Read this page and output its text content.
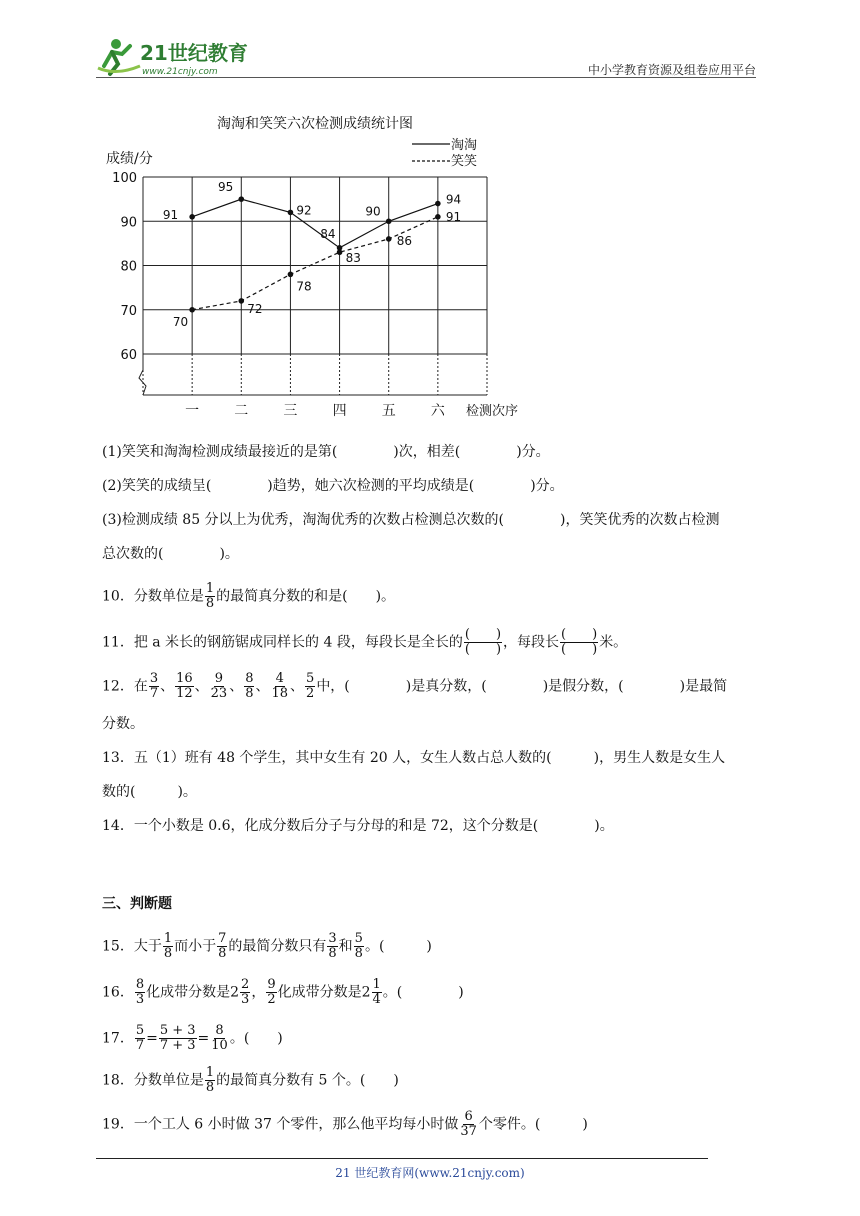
21世纪教育
www.21cnjy.com	中小学教育资源及组卷应用平台
淘淘和笑笑六次检测成绩统计图
成绩/分
检测次序
淘淘
笑笑
100
90
80
70
60
一	二	三	四	五	六
91
95
92
84
90
94
70
72
78
83
86
91
(1)笑笑和淘淘检测成绩最接近的是第(　　　　)次，相差(　　　　)分。
(2)笑笑的成绩呈(　　　　)趋势，她六次检测的平均成绩是(　　　　)分。
(3)检测成绩 85 分以上为优秀，淘淘优秀的次数占检测总次数的(　　　　)，笑笑优秀的次数占检测
总次数的(　　　　)。
10．分数单位是 $\frac{1}{8}$ 的最简真分数的和是(　　)。
11．把 a 米长的钢筋锯成同样长的 4 段，每段长是全长的 $\frac{( )}{( )}$ ，每段长 $\frac{( )}{( )}$ 米。
12．在 $\frac{3}{7}$ 、 $\frac{16}{12}$ 、 $\frac{9}{23}$ 、 $\frac{8}{8}$ 、 $\frac{4}{18}$ 、 $\frac{5}{2}$ 中，(　　　　)是真分数，(　　　　)是假分数，(　　　　)是最简
分数。
13．五（1）班有 48 个学生，其中女生有 20 人，女生人数占总人数的(　　　)，男生人数是女生人
数的(　　　)。
14．一个小数是 0.6，化成分数后分子与分母的和是 72，这个分数是(　　　　)。
三、判断题
15．大于 $\frac{1}{8}$ 而小于 $\frac{7}{8}$ 的最简分数只有 $\frac{3}{8}$ 和 $\frac{5}{8}$ 。(　　　)
16． $\frac{8}{3}$ 化成带分数是$2 \frac{2}{3}$ ， $\frac{9}{2}$ 化成带分数是$2 \frac{1}{4}$ 。(　　　　)
17． $\frac{5}{7} = \frac{5 + 3}{7 + 3} = \frac{8}{10}$ 。(　　)
18．分数单位是 $\frac{1}{8}$ 的最简真分数有 5 个。(　　)
19．一个工人 6 小时做 37 个零件，那么他平均每小时做 $\frac{6}{37}$ 个零件。(　　　)
21 世纪教育网(www.21cnjy.com)
